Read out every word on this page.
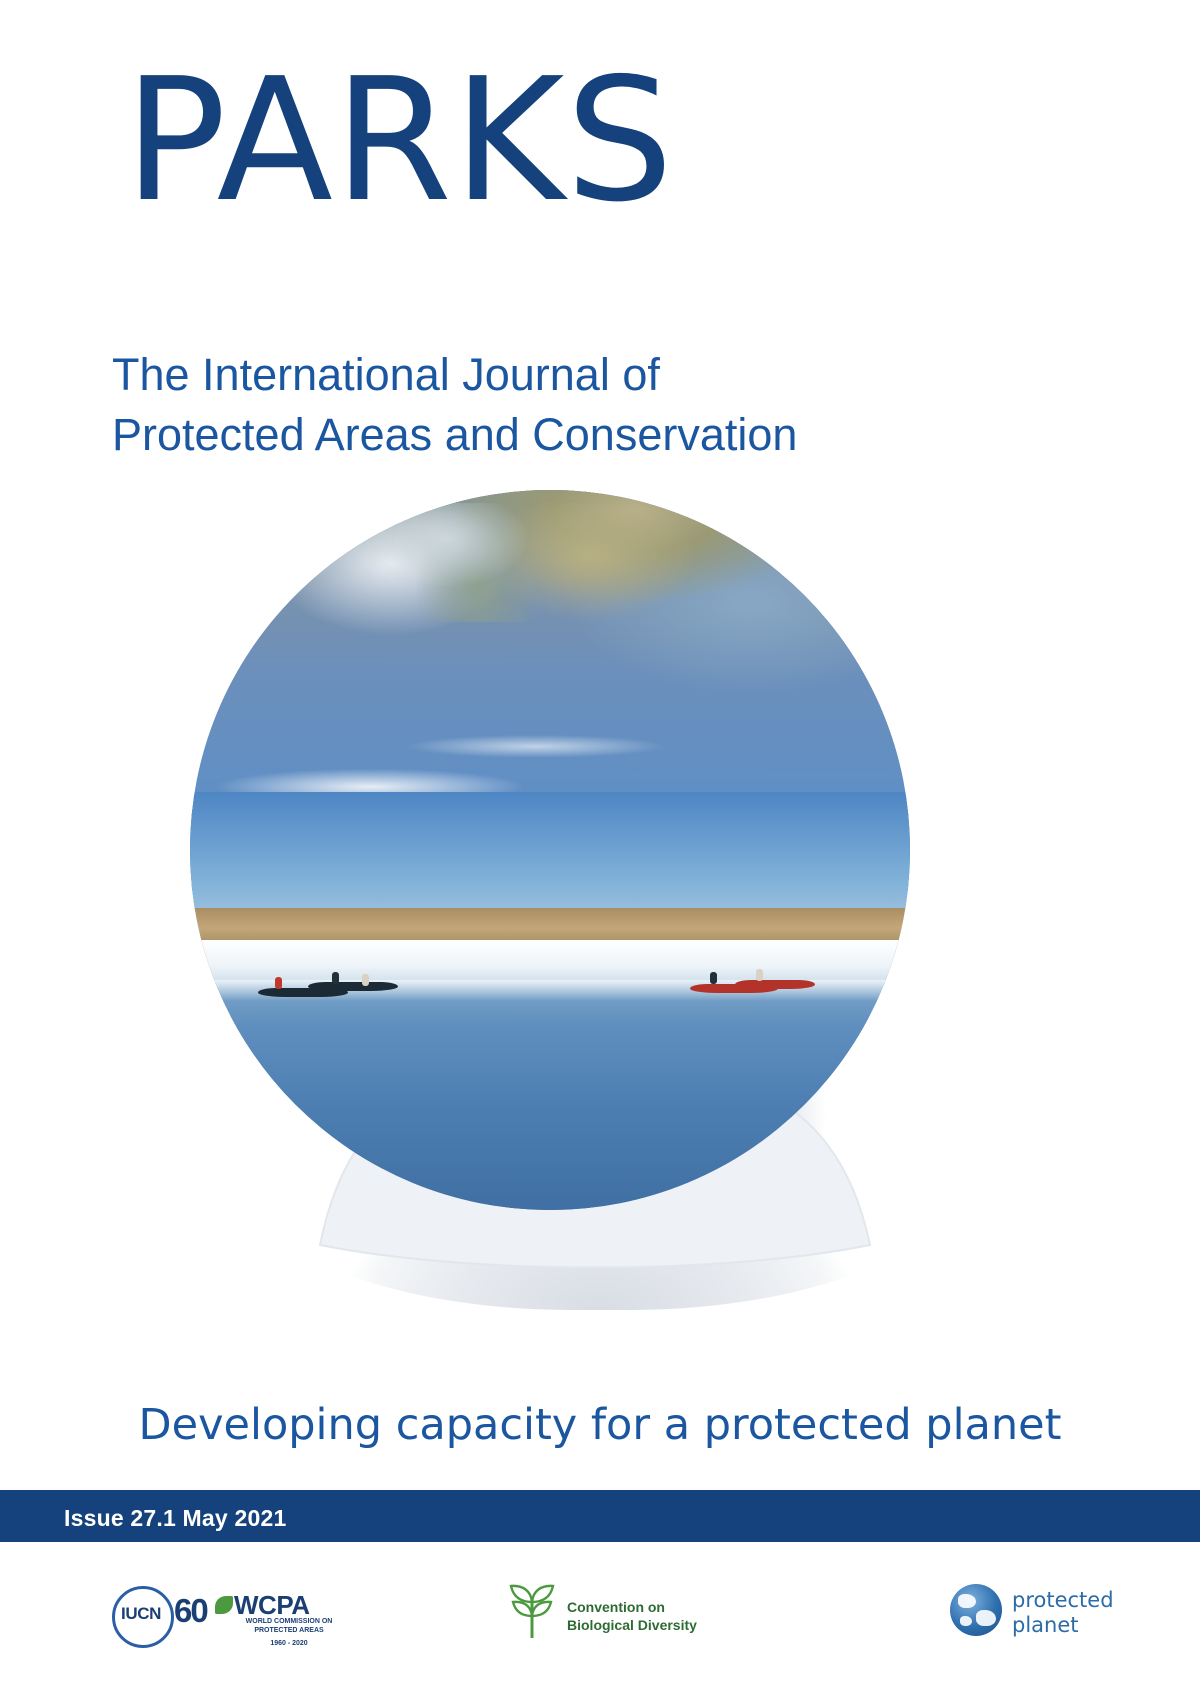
PARKS
The International Journal of
Protected Areas and Conservation
Developing capacity for a protected planet
Issue 27.1 May 2021
IUCN 60 WCPA
WORLD COMMISSION ON PROTECTED AREAS
1960 - 2020
Convention on
Biological Diversity
protected
planet
